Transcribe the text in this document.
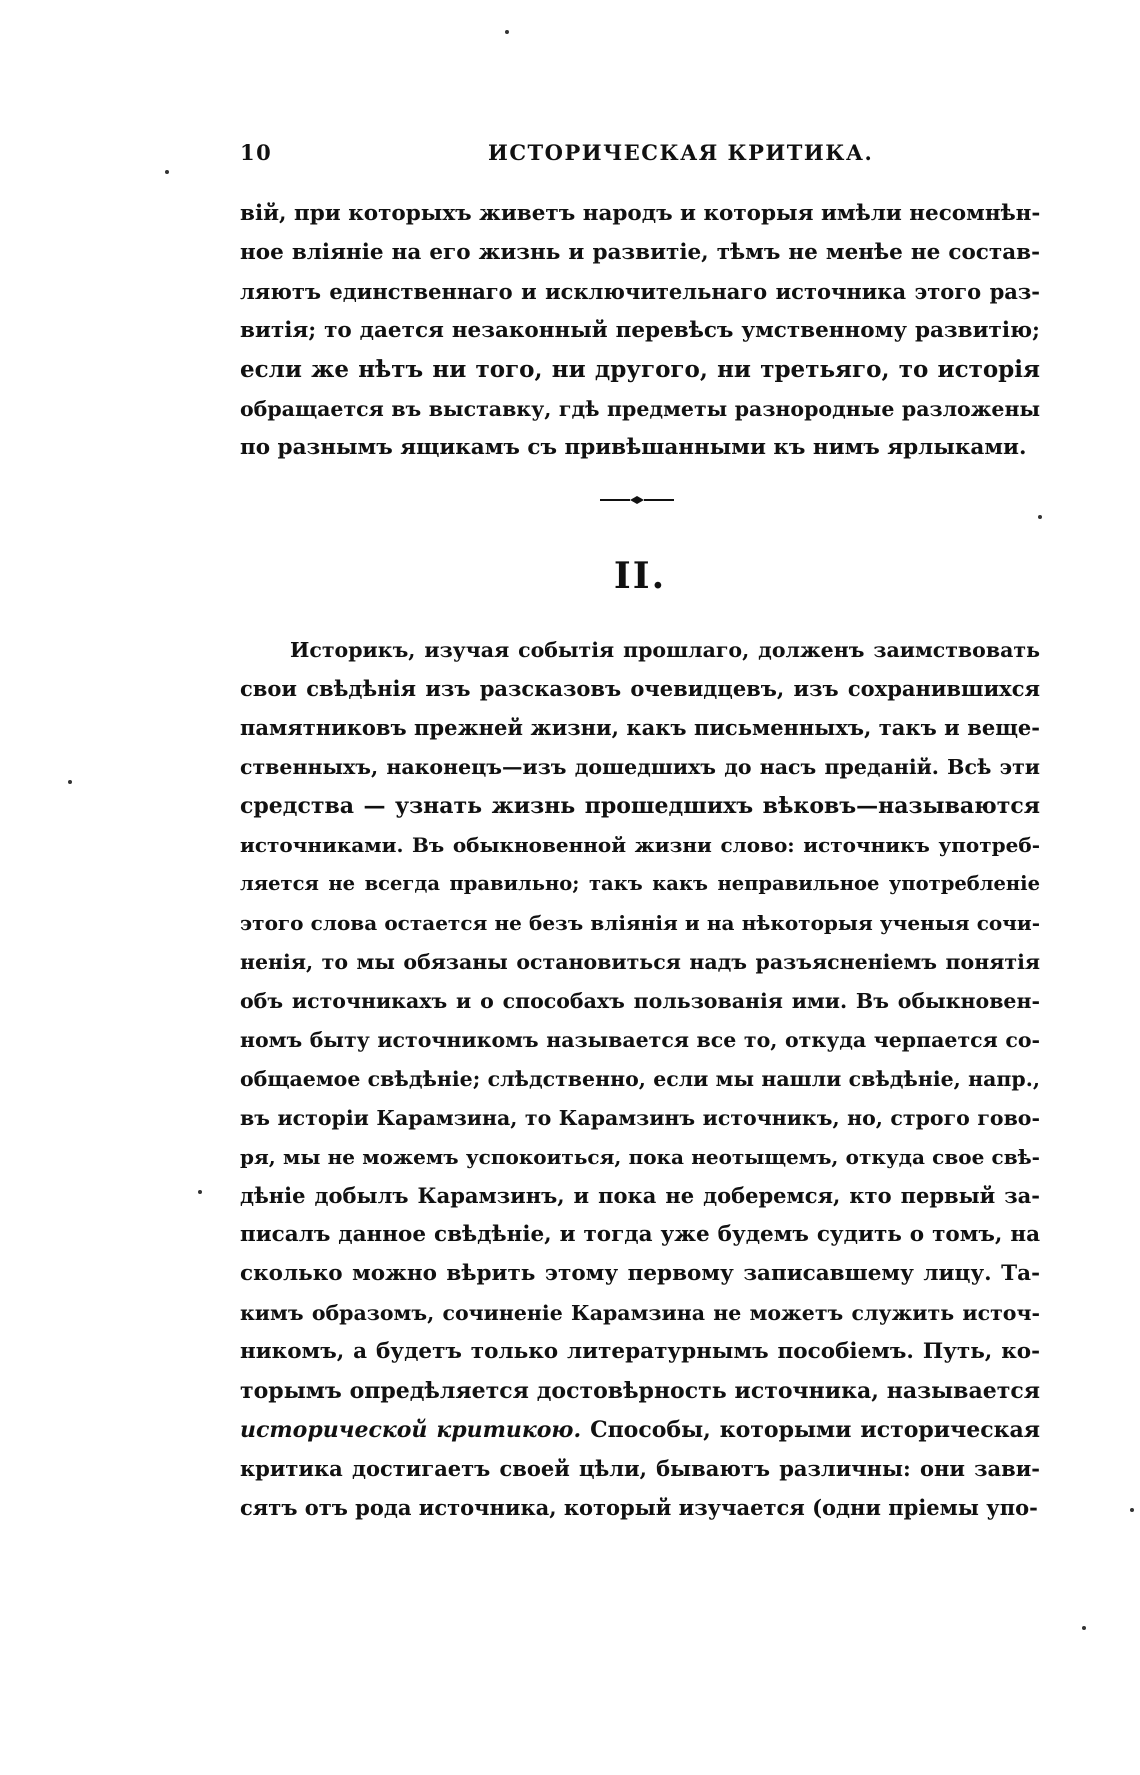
10	ИСТОРИЧЕСКАЯ КРИТИКА.
вій, при которыхъ живетъ народъ и которыя имѣли несомнѣн-
ное вліяніе на его жизнь и развитіе, тѣмъ не менѣе не состав-
ляютъ единственнаго и исключительнаго источника этого раз-
витія; то дается незаконный перевѣсъ умственному развитію;
если же нѣтъ ни того, ни другого, ни третьяго, то исторія
обращается въ выставку, гдѣ предметы разнородные разложены
по разнымъ ящикамъ съ привѣшанными къ нимъ ярлыками.
II.
Историкъ, изучая событія прошлаго, долженъ заимствовать
свои свѣдѣнія изъ разсказовъ очевидцевъ, изъ сохранившихся
памятниковъ прежней жизни, какъ письменныхъ, такъ и веще-
ственныхъ, наконецъ—изъ дошедшихъ до насъ преданій. Всѣ эти
средства — узнать жизнь прошедшихъ вѣковъ—называются
источниками. Въ обыкновенной жизни слово: источникъ употреб-
ляется не всегда правильно; такъ какъ неправильное употребленіе
этого слова остается не безъ вліянія и на нѣкоторыя ученыя сочи-
ненія, то мы обязаны остановиться надъ разъясненіемъ понятія
объ источникахъ и о способахъ пользованія ими. Въ обыкновен-
номъ быту источникомъ называется все то, откуда черпается со-
общаемое свѣдѣніе; слѣдственно, если мы нашли свѣдѣніе, напр.,
въ исторіи Карамзина, то Карамзинъ источникъ, но, строго гово-
ря, мы не можемъ успокоиться, пока неотыщемъ, откуда свое свѣ-
дѣніе добылъ Карамзинъ, и пока не доберемся, кто первый за-
писалъ данное свѣдѣніе, и тогда уже будемъ судить о томъ, на
сколько можно вѣрить этому первому записавшему лицу. Та-
кимъ образомъ, сочиненіе Карамзина не можетъ служить источ-
никомъ, а будетъ только литературнымъ пособіемъ. Путь, ко-
торымъ опредѣляется достовѣрность источника, называется
исторической критикою. Способы, которыми историческая
критика достигаетъ своей цѣли, бываютъ различны: они зави-
сятъ отъ рода источника, который изучается (одни пріемы упо-
